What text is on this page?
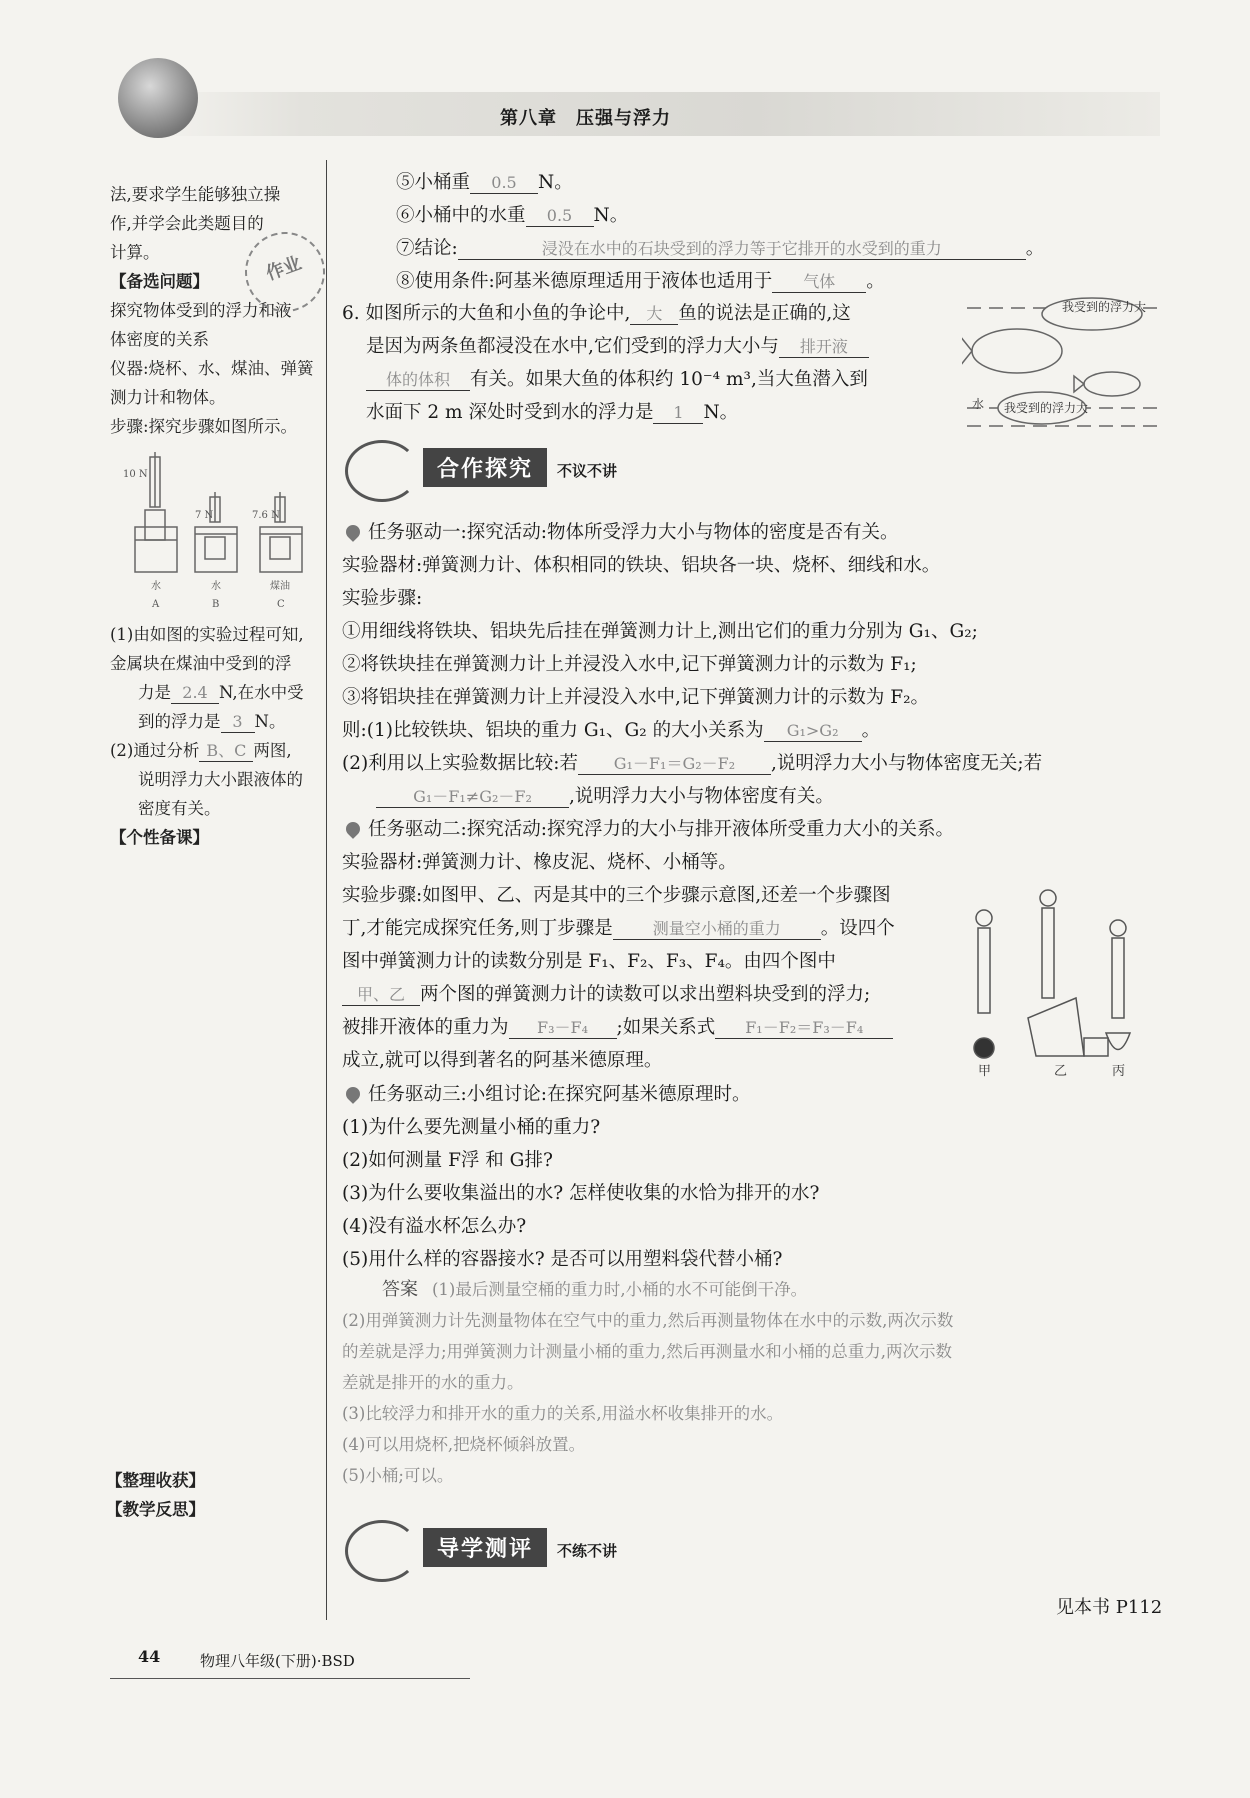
第八章　压强与浮力

法,要求学生能够独立操

作,并学会此类题目的

计算。

【备选问题】

探究物体受到的浮力和液

体密度的关系

仪器:烧杯、水、煤油、弹簧

测力计和物体。

步骤:探究步骤如图所示。

作业
10 N
7 N	7.6 N
水	水	煤油
A	B	C

(1)由如图的实验过程可知,

金属块在煤油中受到的浮

力是 2.4 N,在水中受

到的浮力是 3 N。

(2)通过分析 B、C 两图,

说明浮力大小跟液体的

密度有关。

【个性备课】

【整理收获】

【教学反思】

⑤小桶重 0.5 N。

⑥小桶中的水重 0.5 N。

⑦结论:	浸没在水中的石块受到的浮力等于它排开的水受到的重力	。

⑧使用条件:阿基米德原理适用于液体也适用于 气体 。

6. 如图所示的大鱼和小鱼的争论中, 大 鱼的说法是正确的,这

是因为两条鱼都浸没在水中,它们受到的浮力大小与 排开液

体的体积 有关。如果大鱼的体积约 10⁻⁴ m³,当大鱼潜入到

水面下 2 m 深处时受到水的浮力是 1 N。

我受到的浮力大
我受到的浮力大
水
合作探究 不议不讲

任务驱动一:探究活动:物体所受浮力大小与物体的密度是否有关。

实验器材:弹簧测力计、体积相同的铁块、铝块各一块、烧杯、细线和水。

实验步骤:

①用细线将铁块、铝块先后挂在弹簧测力计上,测出它们的重力分别为 G₁、G₂;

②将铁块挂在弹簧测力计上并浸没入水中,记下弹簧测力计的示数为 F₁;

③将铝块挂在弹簧测力计上并浸没入水中,记下弹簧测力计的示数为 F₂。

则:(1)比较铁块、铝块的重力 G₁、G₂ 的大小关系为 G₁>G₂ 。

(2)利用以上实验数据比较:若 G₁－F₁＝G₂－F₂ ,说明浮力大小与物体密度无关;若

G₁－F₁≠G₂－F₂ ,说明浮力大小与物体密度有关。

任务驱动二:探究活动:探究浮力的大小与排开液体所受重力大小的关系。

实验器材:弹簧测力计、橡皮泥、烧杯、小桶等。

实验步骤:如图甲、乙、丙是其中的三个步骤示意图,还差一个步骤图

丁,才能完成探究任务,则丁步骤是 测量空小桶的重力 。设四个

图中弹簧测力计的读数分别是 F₁、F₂、F₃、F₄。由四个图中

甲、乙 两个图的弹簧测力计的读数可以求出塑料块受到的浮力;

被排开液体的重力为 F₃－F₄ ;如果关系式 F₁－F₂＝F₃－F₄

成立,就可以得到著名的阿基米德原理。

甲	乙	丙

任务驱动三:小组讨论:在探究阿基米德原理时。

(1)为什么要先测量小桶的重力?

(2)如何测量 F浮 和 G排?

(3)为什么要收集溢出的水? 怎样使收集的水恰为排开的水?

(4)没有溢水杯怎么办?

(5)用什么样的容器接水? 是否可以用塑料袋代替小桶?

答案 (1)最后测量空桶的重力时,小桶的水不可能倒干净。
(2)用弹簧测力计先测量物体在空气中的重力,然后再测量物体在水中的示数,两次示数
的差就是浮力;用弹簧测力计测量小桶的重力,然后再测量水和小桶的总重力,两次示数
差就是排开的水的重力。
(3)比较浮力和排开水的重力的关系,用溢水杯收集排开的水。
(4)可以用烧杯,把烧杯倾斜放置。
(5)小桶;可以。
导学测评 不练不讲
见本书 P112
44	物理八年级(下册)·BSD
